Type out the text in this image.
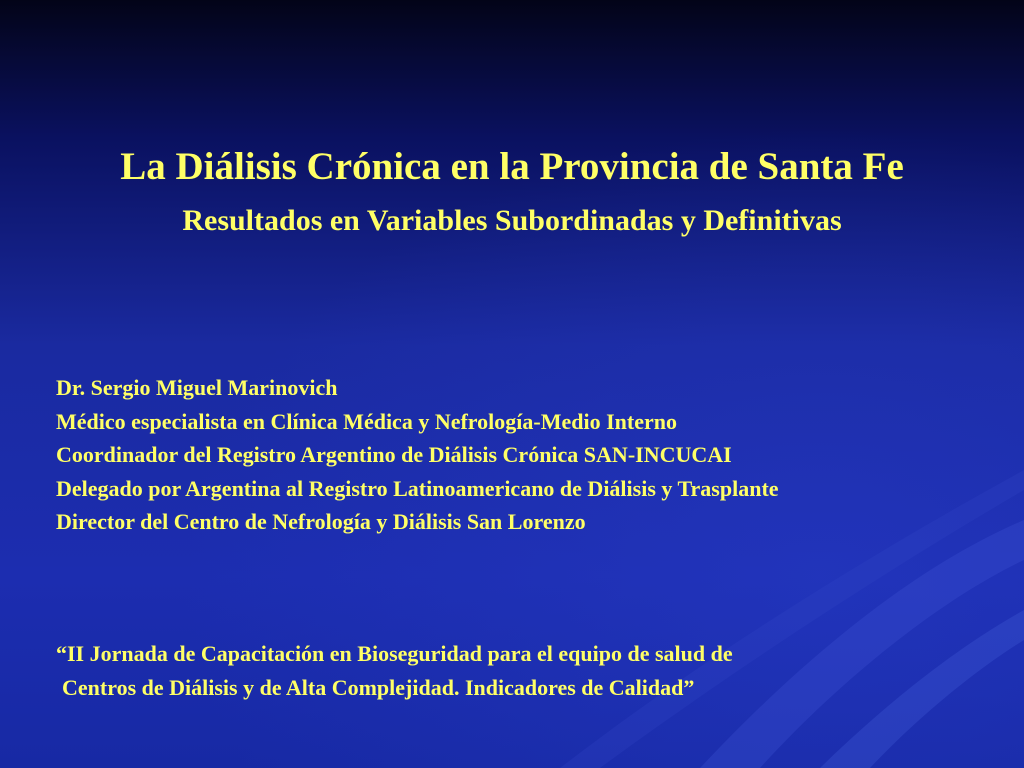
La Diálisis Crónica en la Provincia de Santa Fe
Resultados en Variables Subordinadas y Definitivas
Dr. Sergio Miguel Marinovich
Médico especialista en Clínica Médica y Nefrología-Medio Interno
Coordinador del Registro Argentino de Diálisis Crónica SAN-INCUCAI
Delegado por Argentina al Registro Latinoamericano de Diálisis y Trasplante
Director del Centro de Nefrología y Diálisis San Lorenzo
“II Jornada de Capacitación en Bioseguridad para el equipo de salud de
Centros de Diálisis y de Alta Complejidad. Indicadores de Calidad”
